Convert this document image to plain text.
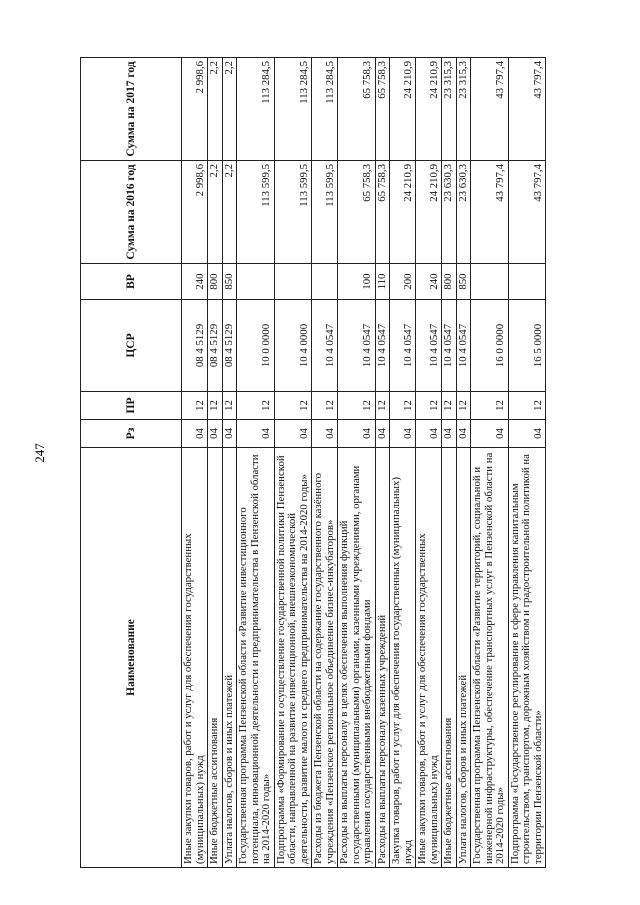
247
Наименование	Рз	ПР	ЦСР	ВР	Сумма на 2016 год	Сумма на 2017 год
Иные закупки товаров, работ и услуг для обеспечения государственных (муниципальных) нужд	04	12	08 4 5129	240	2 998,6	2 998,6
Иные бюджетные ассигнования	04	12	08 4 5129	800	2,2	2,2
Уплата налогов, сборов и иных платежей	04	12	08 4 5129	850	2,2	2,2
Государственная программа Пензенской области «Развитие инвестиционного потенциала, инновационной деятельности и предпринимательства в Пензенской области на 2014-2020 годы»	04	12	10 0 0000		113 599,5	113 284,5
Подпрограмма «Формирование и осуществление государственной политики Пензенской области, направленной на развитие инвестиционной, внешнеэкономической деятельности, развитие малого и среднего предпринимательства на 2014-2020 годы»	04	12	10 4 0000		113 599,5	113 284,5
Расходы из бюджета Пензенской области на содержание государственного казённого учреждения «Пензенское региональное объединение бизнес-инкубаторов»	04	12	10 4 0547		113 599,5	113 284,5
Расходы на выплаты персоналу в целях обеспечения выполнения функций государственными (муниципальными) органами, казенными учреждениями, органами управления государственными внебюджетными фондами	04	12	10 4 0547	100	65 758,3	65 758,3
Расходы на выплаты персоналу казенных учреждений	04	12	10 4 0547	110	65 758,3	65 758,3
Закупка товаров, работ и услуг для обеспечения государственных (муниципальных) нужд	04	12	10 4 0547	200	24 210,9	24 210,9
Иные закупки товаров, работ и услуг для обеспечения государственных (муниципальных) нужд	04	12	10 4 0547	240	24 210,9	24 210,9
Иные бюджетные ассигнования	04	12	10 4 0547	800	23 630,3	23 315,3
Уплата налогов, сборов и иных платежей	04	12	10 4 0547	850	23 630,3	23 315,3
Государственная программа Пензенской области «Развитие территорий, социальной и инженерной инфраструктуры, обеспечение транспортных услуг в Пензенской области на 2014-2020 годы»	04	12	16 0 0000		43 797,4	43 797,4
Подпрограмма «Государственное регулирование в сфере управления капитальным строительством, транспортом, дорожным хозяйством и градостроительной политикой на территории Пензенской области»	04	12	16 5 0000		43 797,4	43 797,4
